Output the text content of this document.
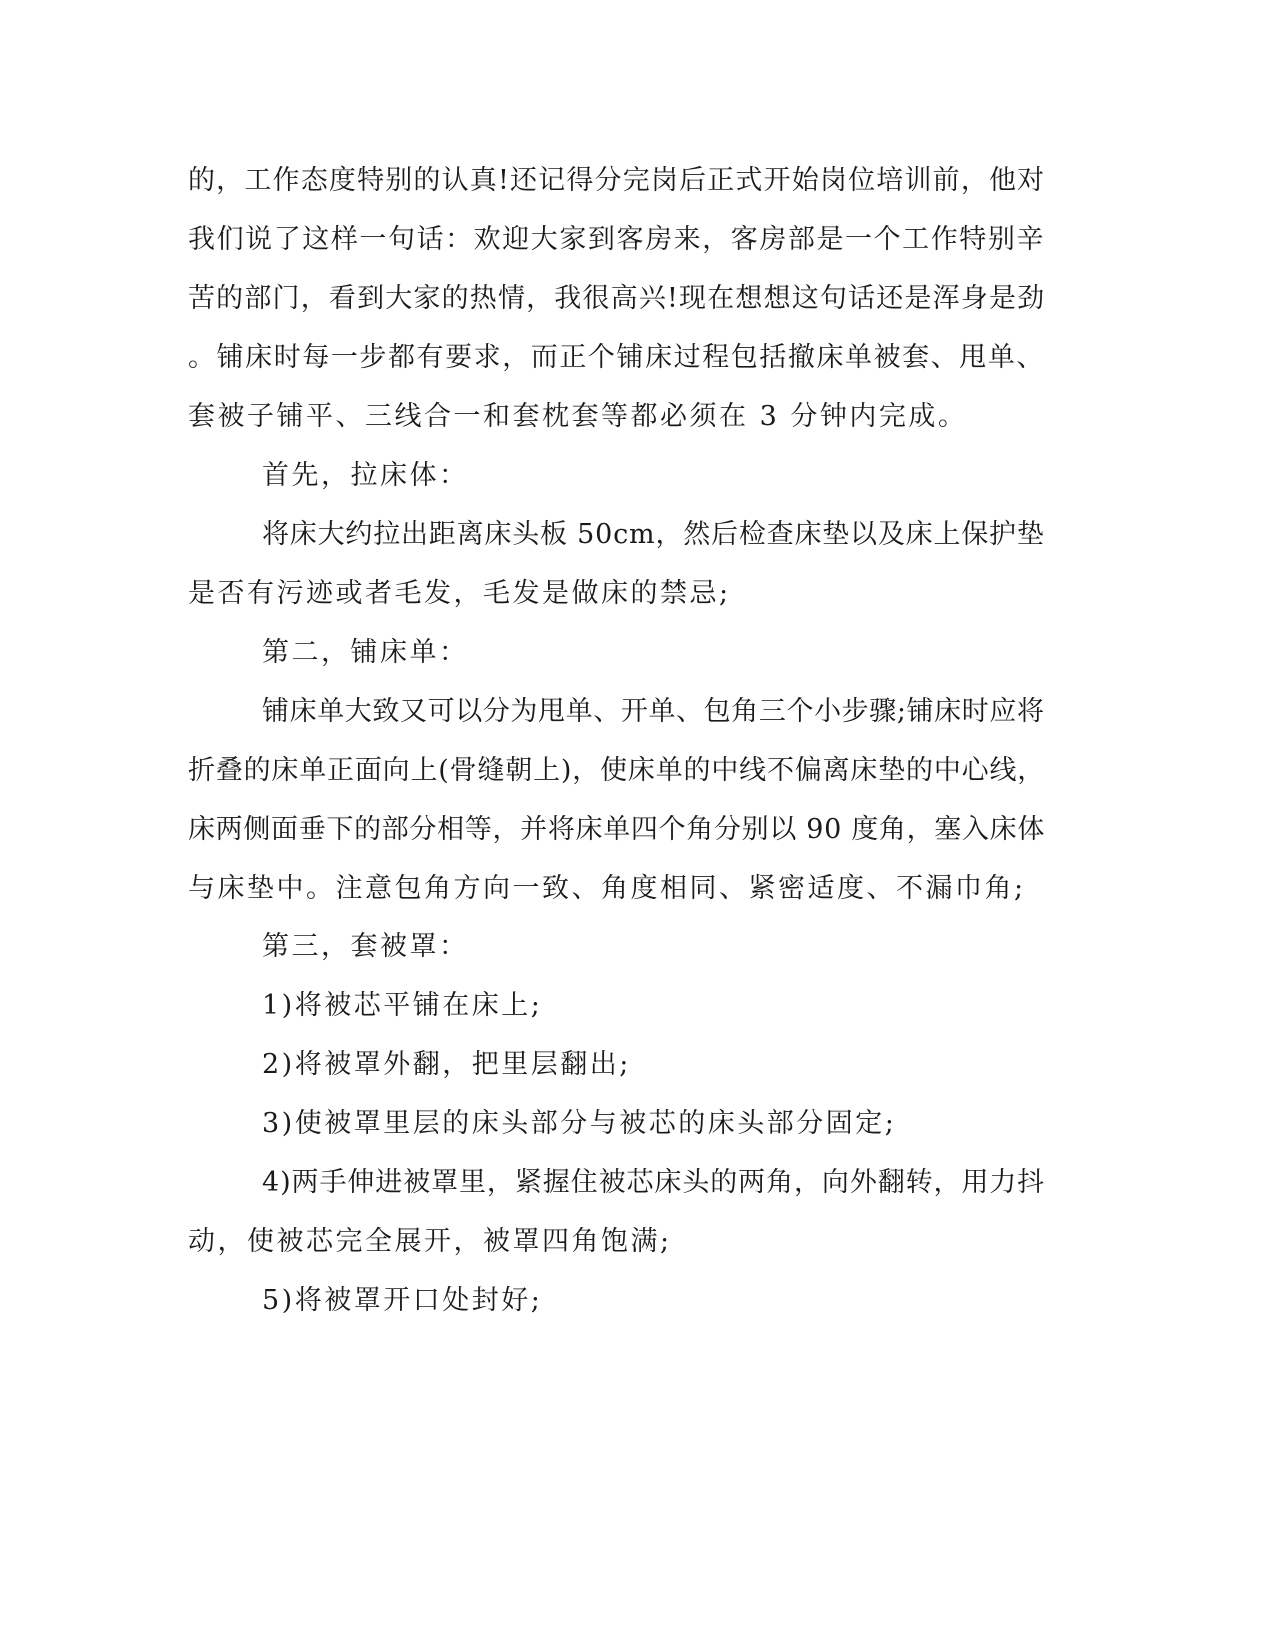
的，工作态度特别的认真!还记得分完岗后正式开始岗位培训前，他对
我们说了这样一句话：欢迎大家到客房来，客房部是一个工作特别辛
苦的部门，看到大家的热情，我很高兴!现在想想这句话还是浑身是劲
。铺床时每一步都有要求，而正个铺床过程包括撤床单被套、甩单、
套被子铺平、三线合一和套枕套等都必须在 3 分钟内完成。
首先，拉床体：
将床大约拉出距离床头板 50cm，然后检查床垫以及床上保护垫
是否有污迹或者毛发，毛发是做床的禁忌;
第二，铺床单：
铺床单大致又可以分为甩单、开单、包角三个小步骤;铺床时应将
折叠的床单正面向上(骨缝朝上)，使床单的中线不偏离床垫的中心线，
床两侧面垂下的部分相等，并将床单四个角分别以 90 度角，塞入床体
与床垫中。注意包角方向一致、角度相同、紧密适度、不漏巾角;
第三，套被罩：
1)将被芯平铺在床上;
2)将被罩外翻，把里层翻出;
3)使被罩里层的床头部分与被芯的床头部分固定;
4)两手伸进被罩里，紧握住被芯床头的两角，向外翻转，用力抖
动，使被芯完全展开，被罩四角饱满;
5)将被罩开口处封好;
